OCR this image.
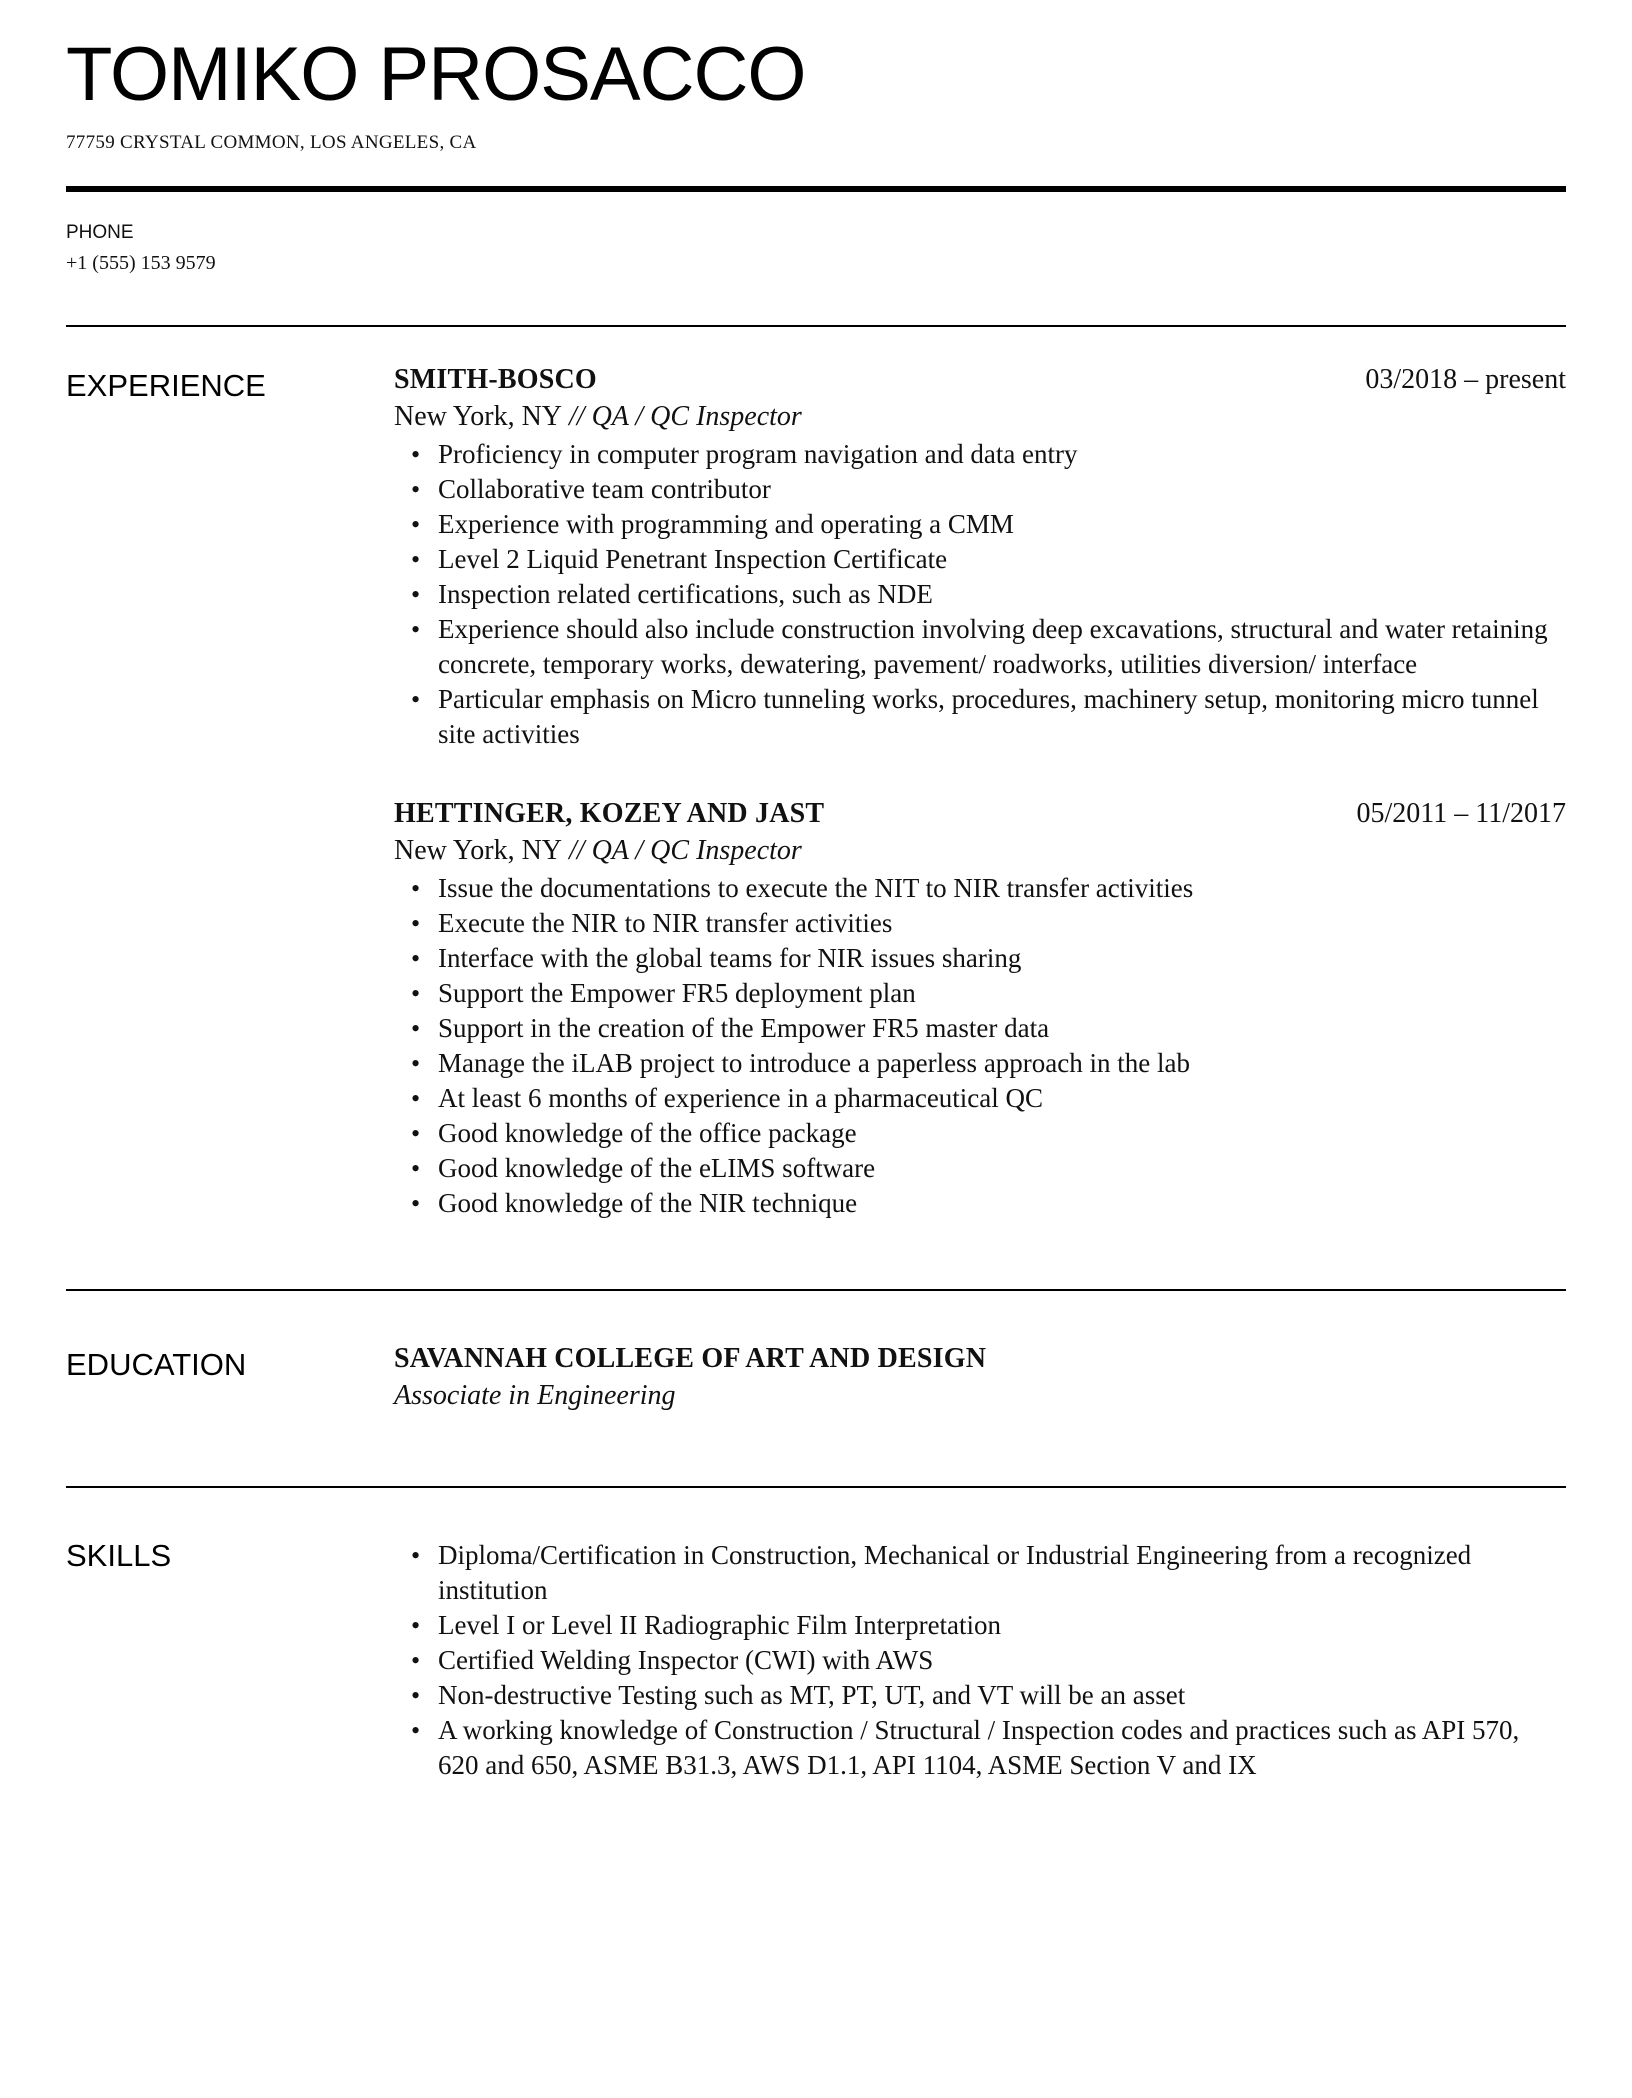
TOMIKO PROSACCO
77759 CRYSTAL COMMON, LOS ANGELES, CA
PHONE
+1 (555) 153 9579
EXPERIENCE	SMITH-BOSCO	03/2018 – present
New York, NY // QA / QC Inspector
• Proficiency in computer program navigation and data entry
• Collaborative team contributor
• Experience with programming and operating a CMM
• Level 2 Liquid Penetrant Inspection Certificate
• Inspection related certifications, such as NDE
• Experience should also include construction involving deep excavations, structural and water retaining concrete, temporary works, dewatering, pavement/ roadworks, utilities diversion/ interface
• Particular emphasis on Micro tunneling works, procedures, machinery setup, monitoring micro tunnel site activities
HETTINGER, KOZEY AND JAST	05/2011 – 11/2017
New York, NY // QA / QC Inspector
• Issue the documentations to execute the NIT to NIR transfer activities
• Execute the NIR to NIR transfer activities
• Interface with the global teams for NIR issues sharing
• Support the Empower FR5 deployment plan
• Support in the creation of the Empower FR5 master data
• Manage the iLAB project to introduce a paperless approach in the lab
• At least 6 months of experience in a pharmaceutical QC
• Good knowledge of the office package
• Good knowledge of the eLIMS software
• Good knowledge of the NIR technique
EDUCATION	SAVANNAH COLLEGE OF ART AND DESIGN
Associate in Engineering
SKILLS
•	Diploma/Certification in Construction, Mechanical or Industrial Engineering from a recognized institution
• Level I or Level II Radiographic Film Interpretation
• Certified Welding Inspector (CWI) with AWS
• Non-destructive Testing such as MT, PT, UT, and VT will be an asset
• A working knowledge of Construction / Structural / Inspection codes and practices such as API 570, 620 and 650, ASME B31.3, AWS D1.1, API 1104, ASME Section V and IX
